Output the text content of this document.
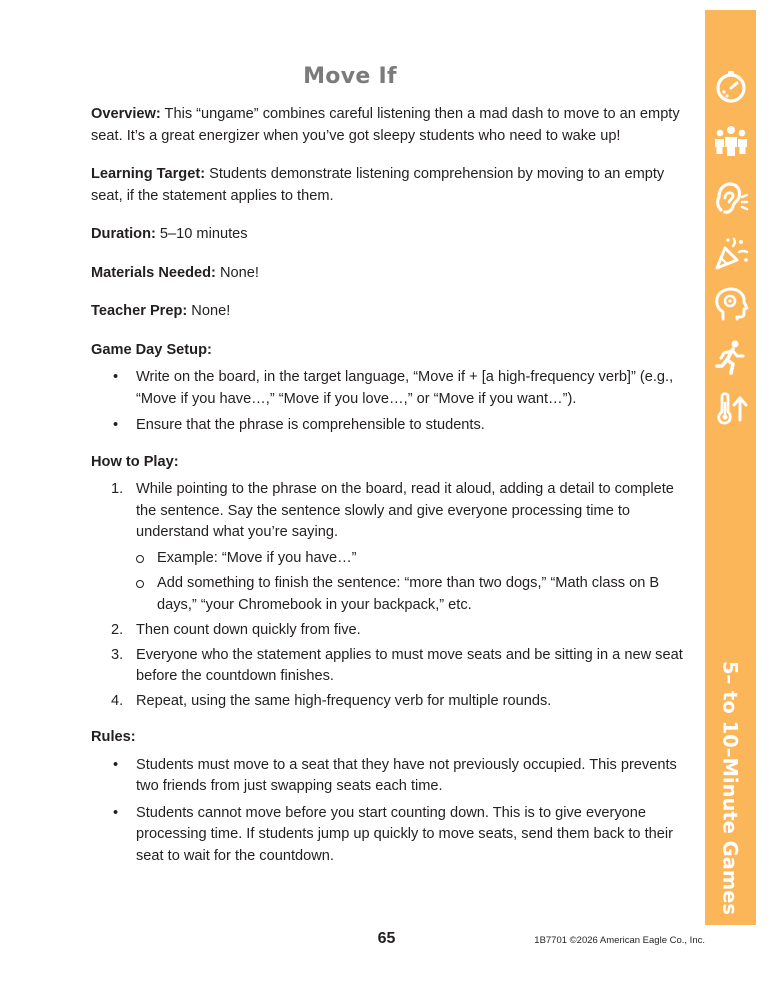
Move If

Overview: This “ungame” combines careful listening then a mad dash to move to an empty seat. It’s a great energizer when you’ve got sleepy students who need to wake up!

Learning Target: Students demonstrate listening comprehension by moving to an empty seat, if the statement applies to them.

Duration: 5–10 minutes

Materials Needed: None!

Teacher Prep: None!

Game Day Setup:
• Write on the board, in the target language, “Move if + [a high-frequency verb]” (e.g., “Move if you have…,” “Move if you love…,” or “Move if you want…”).
• Ensure that the phrase is comprehensible to students.
How to Play:
1. While pointing to the phrase on the board, read it aloud, adding a detail to complete the sentence. Say the sentence slowly and give everyone processing time to understand what you’re saying.
Example: “Move if you have…”
Add something to finish the sentence: “more than two dogs,” “Math class on B days,” “your Chromebook in your backpack,” etc.
2. Then count down quickly from five.
3. Everyone who the statement applies to must move seats and be sitting in a new seat before the countdown finishes.
4. Repeat, using the same high-frequency verb for multiple rounds.
Rules:
• Students must move to a seat that they have not previously occupied. This prevents two friends from just swapping seats each time.
• Students cannot move before you start counting down. This is to give everyone processing time. If students jump up quickly to move seats, send them back to their seat to wait for the countdown.	5– to 10–Minute Games
65	1B7701 ©2026 American Eagle Co., Inc.
